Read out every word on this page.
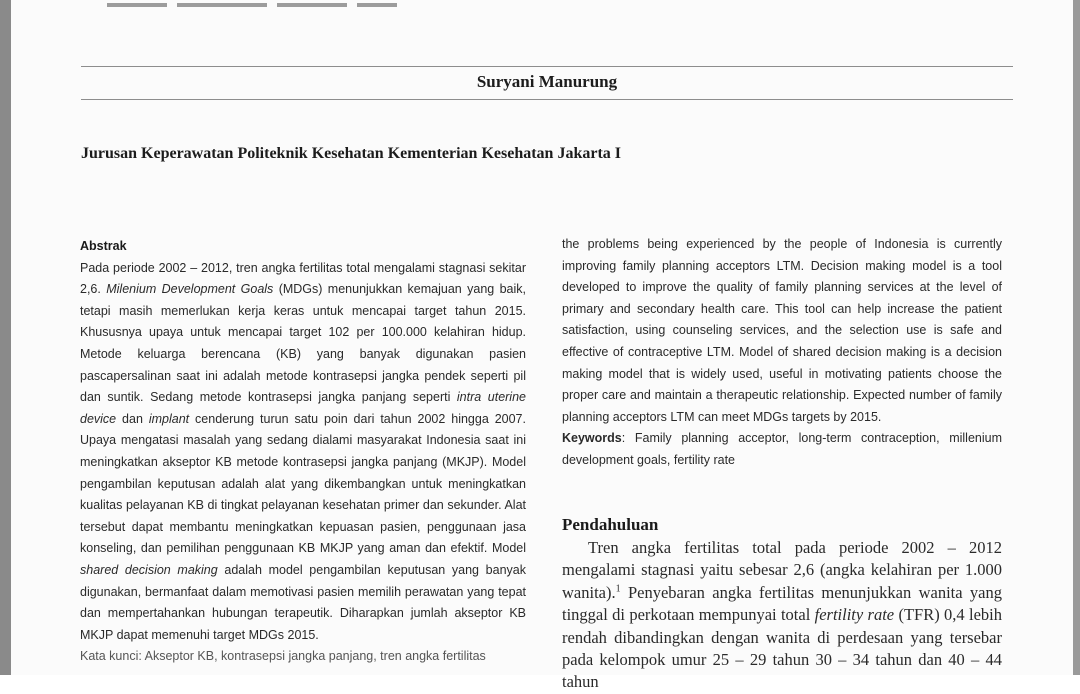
Suryani Manurung
Jurusan Keperawatan Politeknik Kesehatan Kementerian Kesehatan Jakarta I
Abstrak
Pada periode 2002 – 2012, tren angka fertilitas total mengalami stagnasi sekitar 2,6. Milenium Development Goals (MDGs) menunjukkan kemajuan yang baik, tetapi masih memerlukan kerja keras untuk mencapai target tahun 2015. Khususnya upaya untuk mencapai target 102 per 100.000 kelahiran hidup. Metode keluarga berencana (KB) yang banyak digunakan pasien pascapersalinan saat ini adalah metode kontrasepsi jangka pendek seperti pil dan suntik. Sedang metode kontrasepsi jangka panjang seperti intra uterine device dan implant cenderung turun satu poin dari tahun 2002 hingga 2007. Upaya mengatasi masalah yang sedang dialami masyarakat Indonesia saat ini meningkatkan akseptor KB metode kontrasepsi jangka panjang (MKJP). Model pengambilan keputusan adalah alat yang dikembangkan untuk meningkatkan kualitas pelayanan KB di tingkat pelayanan kesehatan primer dan sekunder. Alat tersebut dapat membantu meningkatkan kepuasan pasien, penggunaan jasa konseling, dan pemilihan penggunaan KB MKJP yang aman dan efektif. Model shared decision making adalah model pengambilan keputusan yang banyak digunakan, bermanfaat dalam memotivasi pasien memilih perawatan yang tepat dan mempertahankan hubungan terapeutik. Diharapkan jumlah akseptor KB MKJP dapat memenuhi target MDGs 2015.
Kata kunci: Akseptor KB, kontrasepsi jangka panjang, tren angka fertilitas
the problems being experienced by the people of Indonesia is currently improving family planning acceptors LTM. Decision making model is a tool developed to improve the quality of family planning services at the level of primary and secondary health care. This tool can help increase the patient satisfaction, using counseling services, and the selection use is safe and effective of contraceptive LTM. Model of shared decision making is a decision making model that is widely used, useful in motivating patients choose the proper care and maintain a therapeutic relationship. Expected number of family planning acceptors LTM can meet MDGs targets by 2015.
Keywords: Family planning acceptor, long-term contraception, millenium development goals, fertility rate
Pendahuluan
Tren angka fertilitas total pada periode 2002 – 2012 mengalami stagnasi yaitu sebesar 2,6 (angka kelahiran per 1.000 wanita).$^1$ Penyebaran angka fertilitas menunjukkan wanita yang tinggal di perkotaan mempunyai total fertility rate (TFR) 0,4 lebih rendah dibandingkan dengan wanita di perdesaan yang tersebar pada kelompok umur 25 – 29 tahun 30 – 34 tahun dan 40 – 44 tahun
